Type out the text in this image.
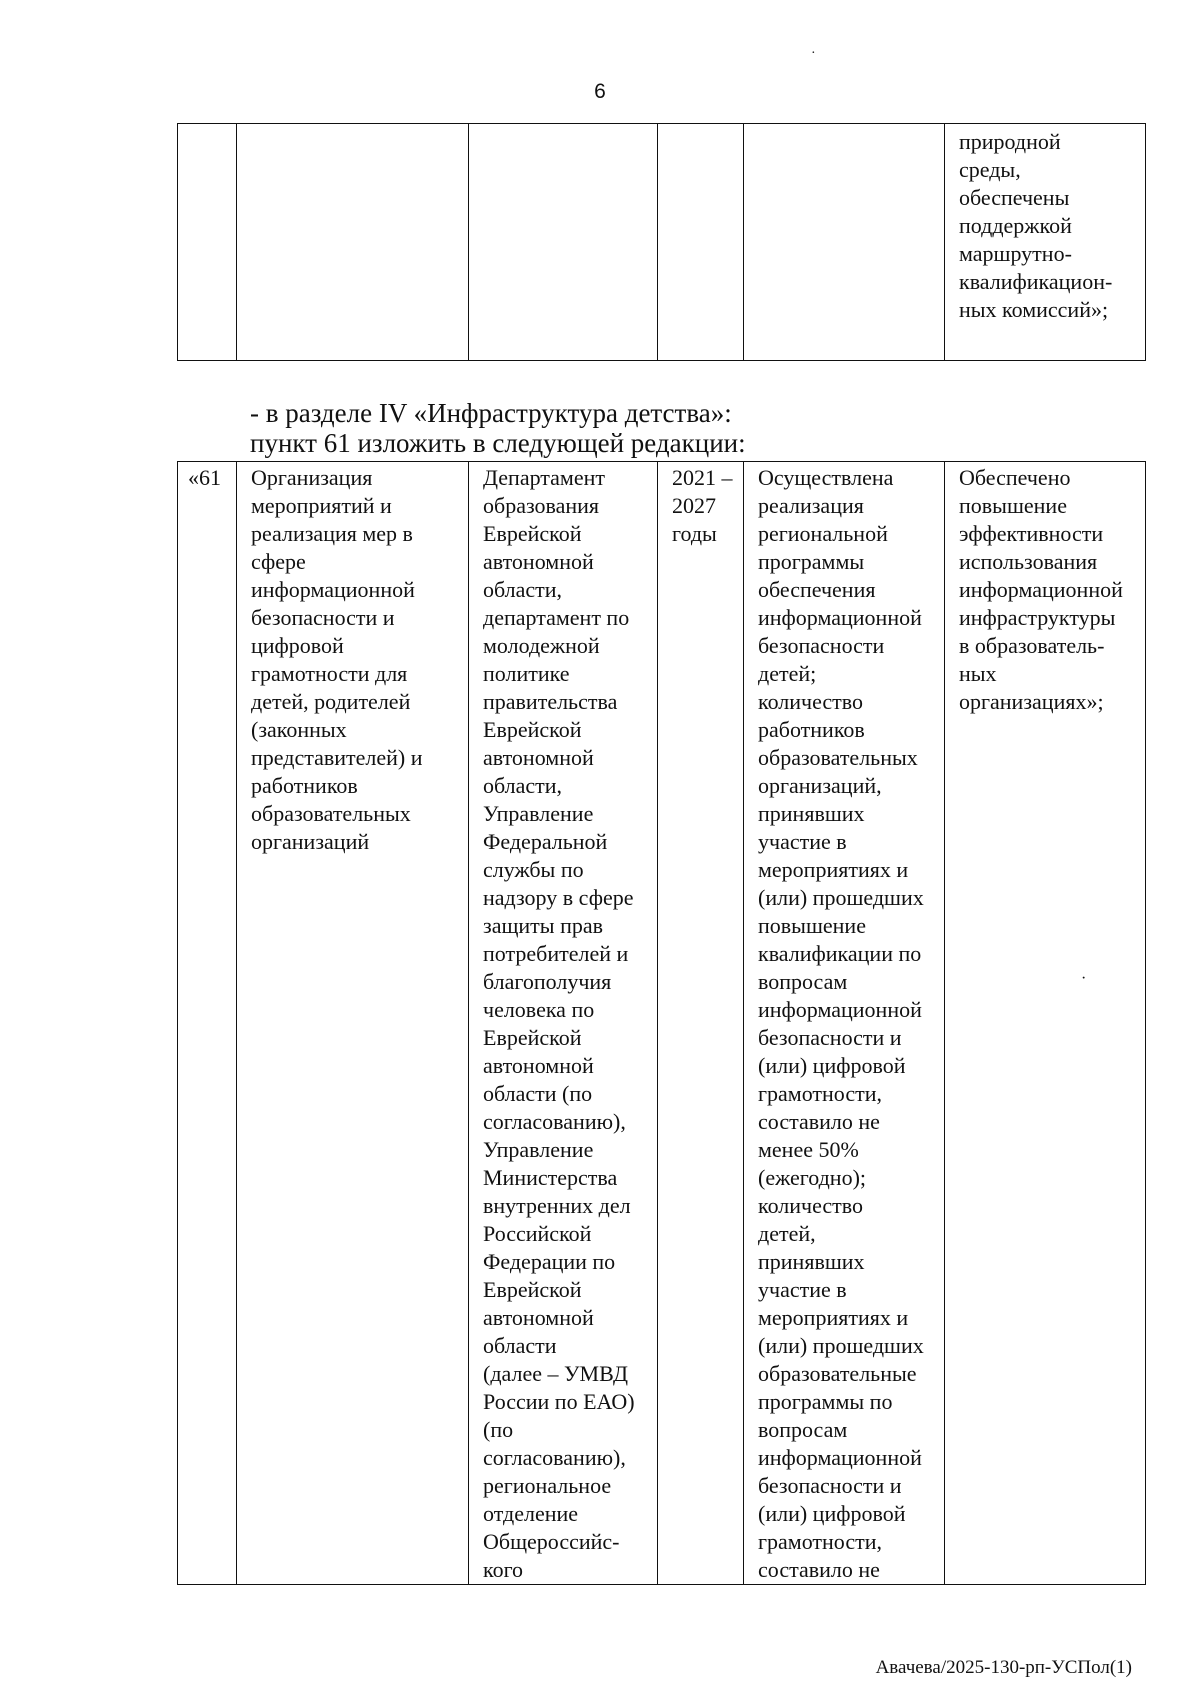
6
·
					природной
среды,
обеспечены
поддержкой
маршрутно-
квалификацион-
ных комиссий»;
- в разделе IV «Инфраструктура детства»:
пункт 61 изложить в следующей редакции:
«61	Организация
мероприятий и
реализация мер в
сфере
информационной
безопасности и
цифровой
грамотности для
детей, родителей
(законных
представителей) и
работников
образовательных
организаций	Департамент
образования
Еврейской
автономной
области,
департамент по
молодежной
политике
правительства
Еврейской
автономной
области,
Управление
Федеральной
службы по
надзору в сфере
защиты прав
потребителей и
благополучия
человека по
Еврейской
автономной
области (по
согласованию),
Управление
Министерства
внутренних дел
Российской
Федерации по
Еврейской
автономной
области
(далее – УМВД
России по ЕАО)
(по
согласованию),
региональное
отделение
Общероссийс-
кого	2021 –
2027
годы	Осуществлена
реализация
региональной
программы
обеспечения
информационной
безопасности
детей;
количество
работников
образовательных
организаций,
принявших
участие в
мероприятиях и
(или) прошедших
повышение
квалификации по
вопросам
информационной
безопасности и
(или) цифровой
грамотности,
составило не
менее 50%
(ежегодно);
количество
детей,
принявших
участие в
мероприятиях и
(или) прошедших
образовательные
программы по
вопросам
информационной
безопасности и
(или) цифровой
грамотности,
составило не	Обеспечено
повышение
эффективности
использования
информационной
инфраструктуры
в образователь-
ных
организациях»;
·
Авачева/2025-130-рп-УСПол(1)
